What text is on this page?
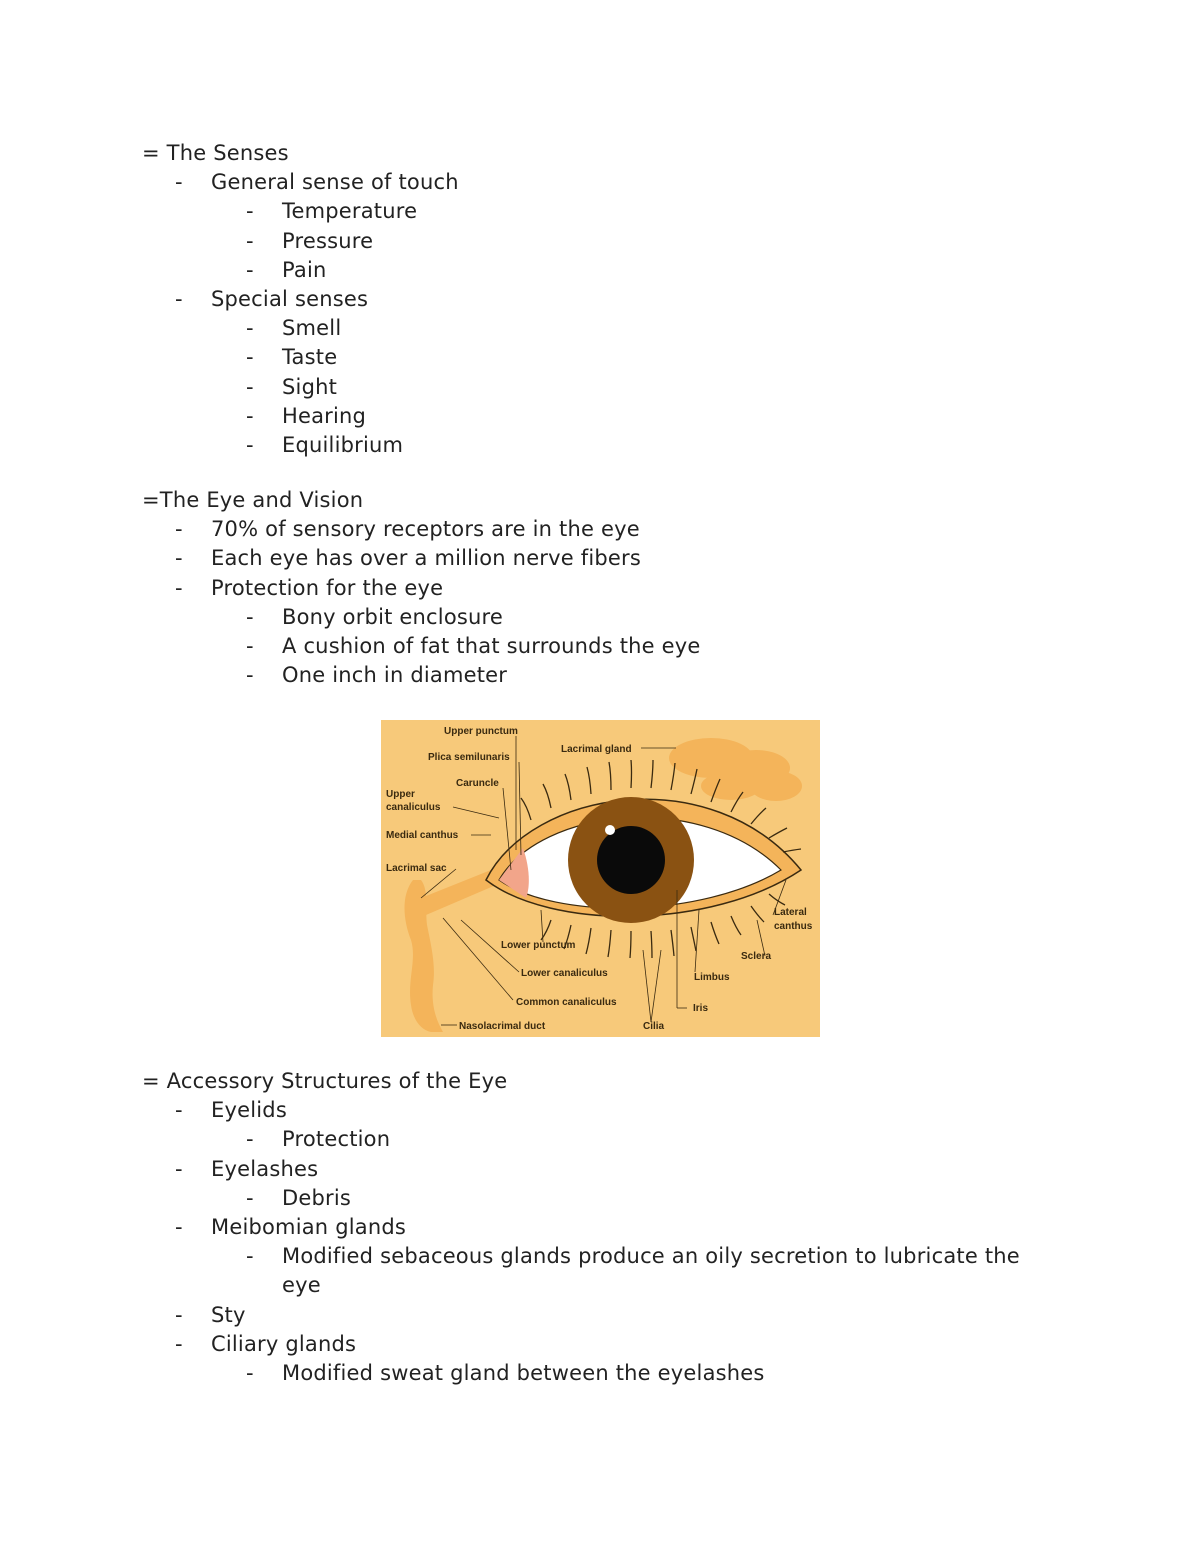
= The Senses
- General sense of touch
- Temperature
- Pressure
- Pain
- Special senses
- Smell
- Taste
- Sight
- Hearing
- Equilibrium
=The Eye and Vision
- 70% of sensory receptors are in the eye
- Each eye has over a million nerve fibers
- Protection for the eye
- Bony orbit enclosure
- A cushion of fat that surrounds the eye
- One inch in diameter
Upper punctum
Plica semilunaris
Caruncle
Lacrimal gland
Upper
canaliculus
Medial canthus
Lacrimal sac
Lateral
canthus
Sclera
Lower punctum
Lower canaliculus	Limbus
Common canaliculus
Iris
Nasolacrimal duct	Cilia
= Accessory Structures of the Eye
- Eyelids
- Protection
- Eyelashes
- Debris
- Meibomian glands
- Modified sebaceous glands produce an oily secretion to lubricate the eye
- Sty
- Ciliary glands
- Modified sweat gland between the eyelashes
